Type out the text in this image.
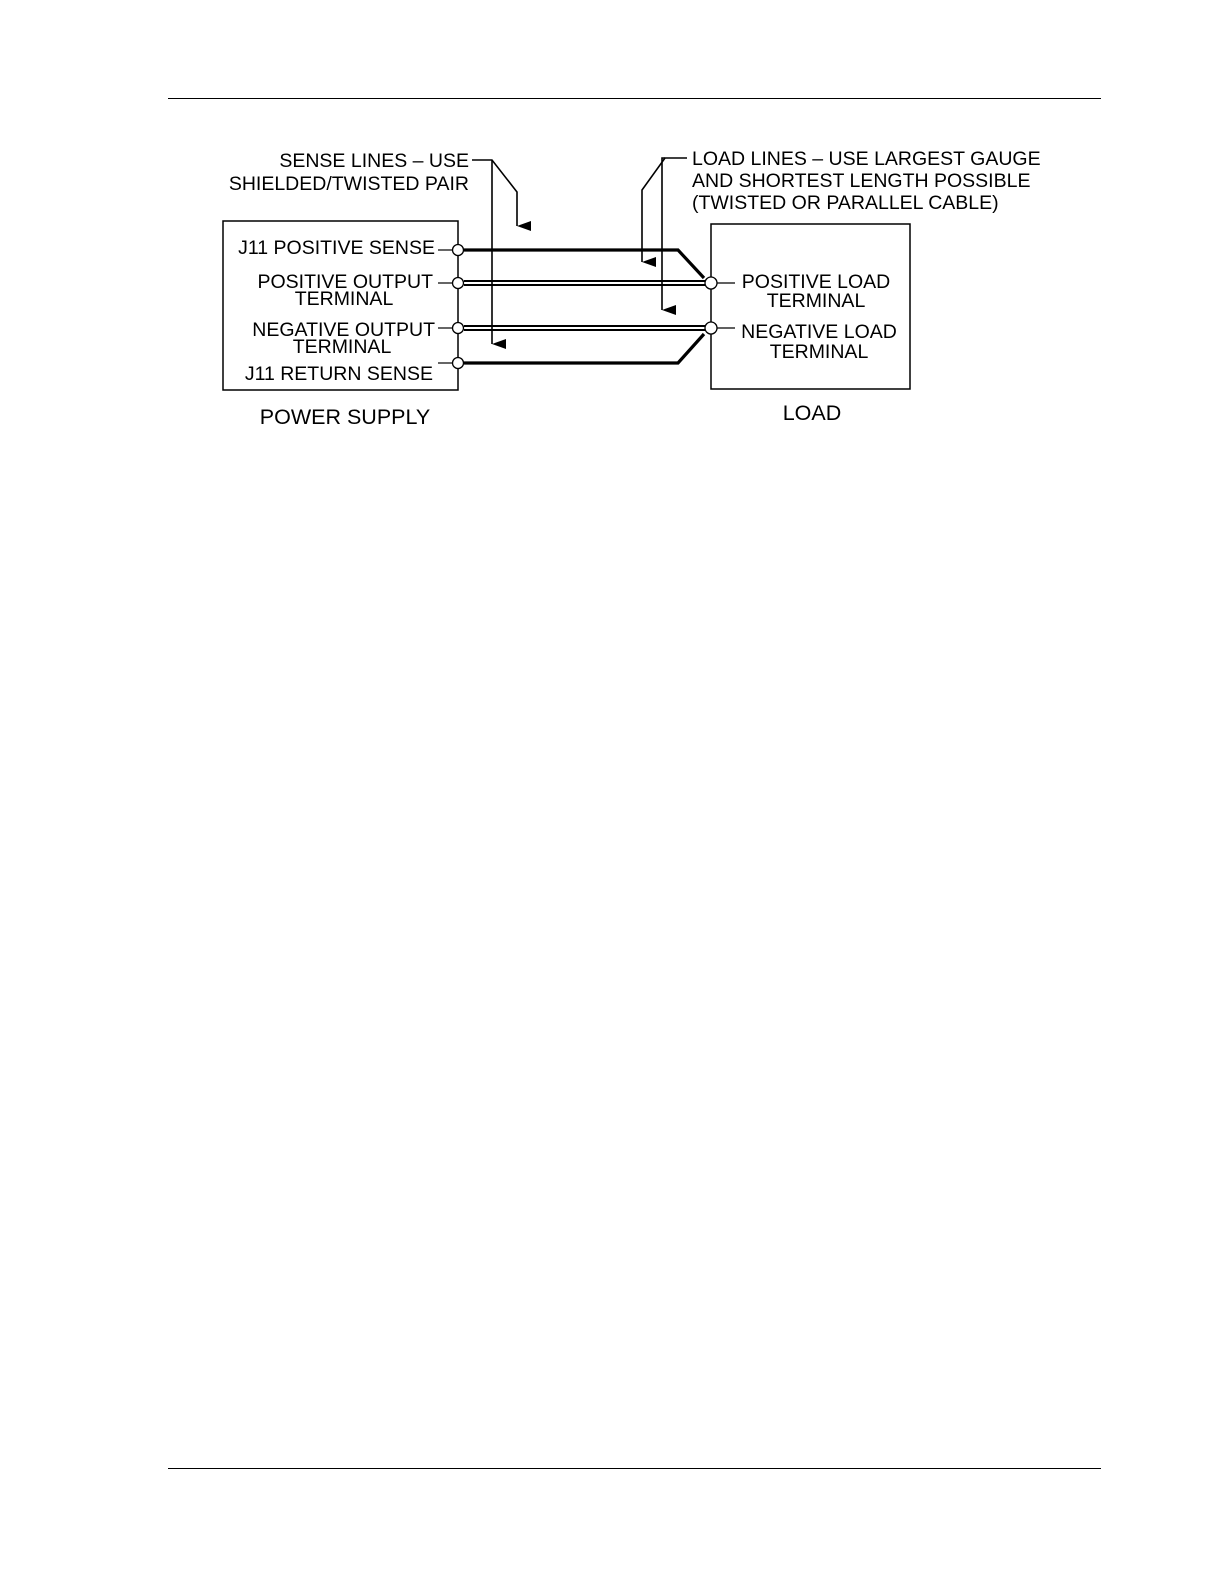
SENSE LINES – USE
SHIELDED/TWISTED PAIR
LOAD LINES – USE LARGEST GAUGE
AND SHORTEST LENGTH POSSIBLE
(TWISTED OR PARALLEL CABLE)
J11 POSITIVE SENSE
POSITIVE OUTPUT
TERMINAL
NEGATIVE OUTPUT
TERMINAL
J11 RETURN SENSE
POSITIVE LOAD
TERMINAL
NEGATIVE LOAD
TERMINAL
POWER SUPPLY	LOAD
